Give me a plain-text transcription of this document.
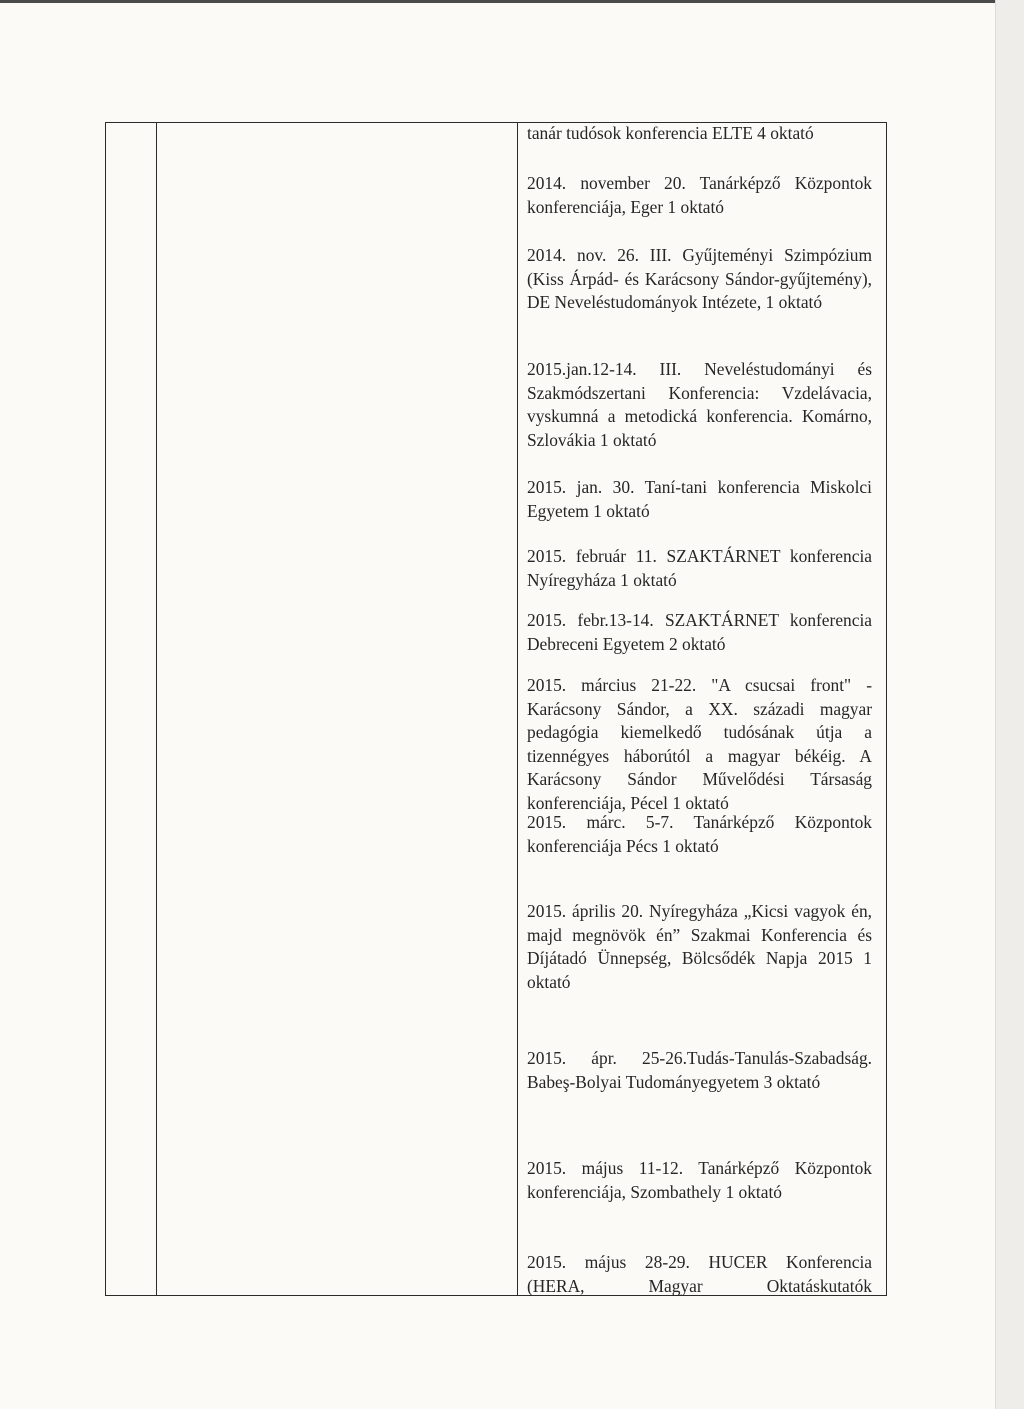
tanár tudósok konferencia ELTE 4 oktató

2014. november 20. Tanárképző Központok konferenciája, Eger 1 oktató

2014. nov. 26. III. Gyűjteményi Szimpózium (Kiss Árpád- és Karácsony Sándor-gyűjtemény), DE Neveléstudományok Intézete, 1 oktató

2015.jan.12-14. III. Neveléstudományi és Szakmódszertani Konferencia: Vzdelávacia, vyskumná a metodická konferencia. Komárno, Szlovákia 1 oktató

2015. jan. 30. Taní-tani konferencia Miskolci Egyetem 1 oktató

2015. február 11. SZAKTÁRNET konferencia Nyíregyháza 1 oktató

2015. febr.13-14. SZAKTÁRNET konferencia Debreceni Egyetem 2 oktató

2015. március 21-22. "A csucsai front" - Karácsony Sándor, a XX. századi magyar pedagógia kiemelkedő tudósának útja a tizennégyes háborútól a magyar békéig. A Karácsony Sándor Művelődési Társaság konferenciája, Pécel 1 oktató

2015. márc. 5-7. Tanárképző Központok konferenciája Pécs 1 oktató

2015. április 20. Nyíregyháza „Kicsi vagyok én, majd megnövök én” Szakmai Konferencia és Díjátadó Ünnepség, Bölcsődék Napja 2015 1 oktató

2015. ápr. 25-26.Tudás-Tanulás-Szabadság. Babeş-Bolyai Tudományegyetem 3 oktató

2015. május 11-12. Tanárképző Központok konferenciája, Szombathely 1 oktató

2015. május 28-29. HUCER Konferencia (HERA, Magyar Oktatáskutatók
